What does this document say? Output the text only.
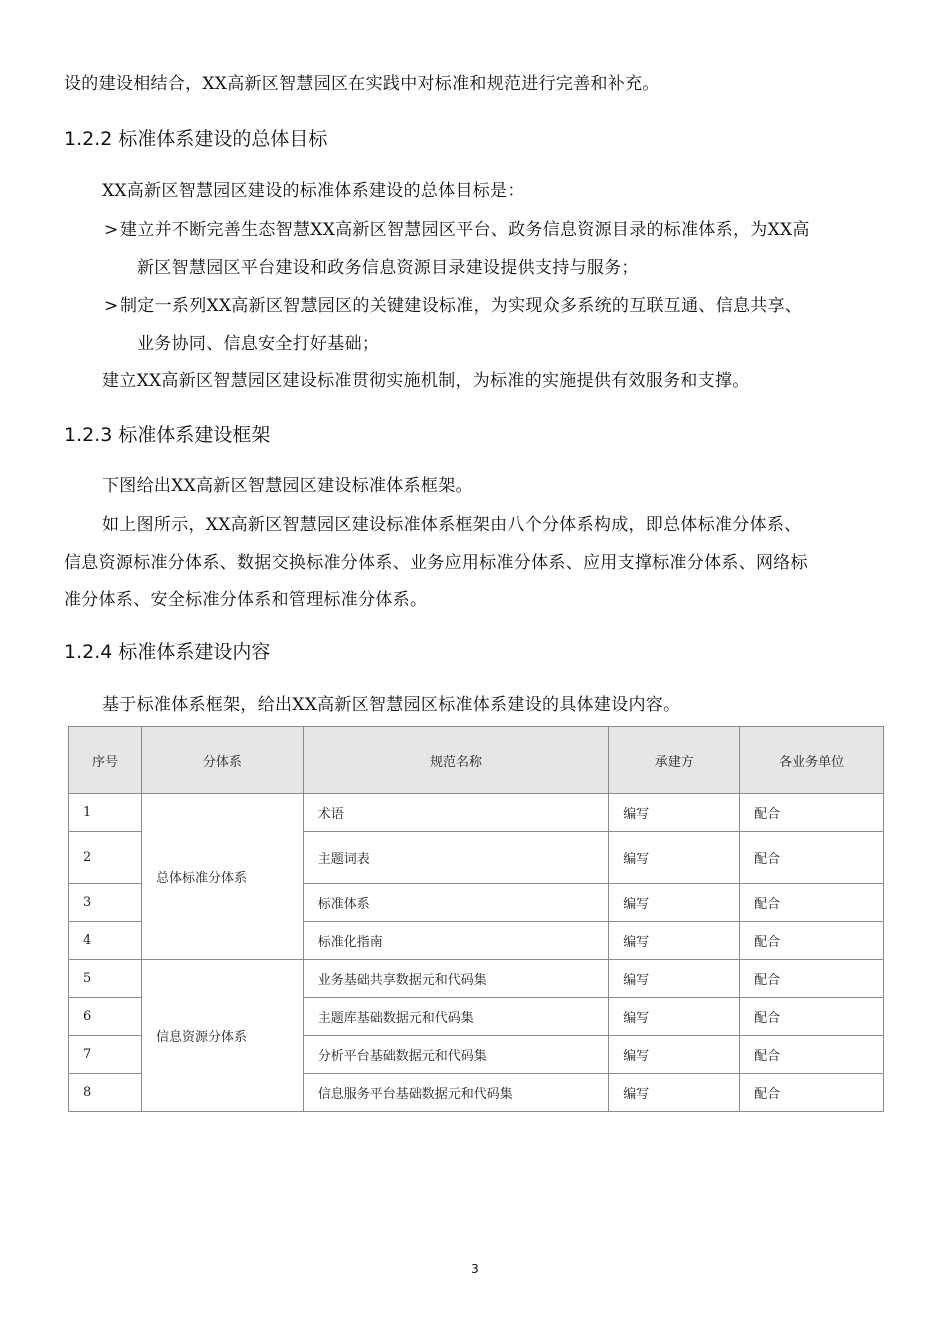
设的建设相结合，XX高新区智慧园区在实践中对标准和规范进行完善和补充。
1.2.2 标准体系建设的总体目标
XX高新区智慧园区建设的标准体系建设的总体目标是：
>建立并不断完善生态智慧XX高新区智慧园区平台、政务信息资源目录的标准体系，为XX高
新区智慧园区平台建设和政务信息资源目录建设提供支持与服务；
>制定一系列XX高新区智慧园区的关键建设标准，为实现众多系统的互联互通、信息共享、
业务协同、信息安全打好基础；
建立XX高新区智慧园区建设标准贯彻实施机制，为标准的实施提供有效服务和支撑。
1.2.3 标准体系建设框架
下图给出XX高新区智慧园区建设标准体系框架。
如上图所示，XX高新区智慧园区建设标准体系框架由八个分体系构成，即总体标准分体系、
信息资源标准分体系、数据交换标准分体系、业务应用标准分体系、应用支撑标准分体系、网络标
准分体系、安全标准分体系和管理标准分体系。
1.2.4 标准体系建设内容
基于标准体系框架，给出XX高新区智慧园区标准体系建设的具体建设内容。
序号	分体系	规范名称	承建方	各业务单位
1	总体标准分体系	术语	编写	配合
2		主题词表	编写	配合
3		标准体系	编写	配合
4		标准化指南	编写	配合
5	信息资源分体系	业务基础共享数据元和代码集	编写	配合
6		主题库基础数据元和代码集	编写	配合
7		分析平台基础数据元和代码集	编写	配合
8		信息服务平台基础数据元和代码集	编写	配合
3
